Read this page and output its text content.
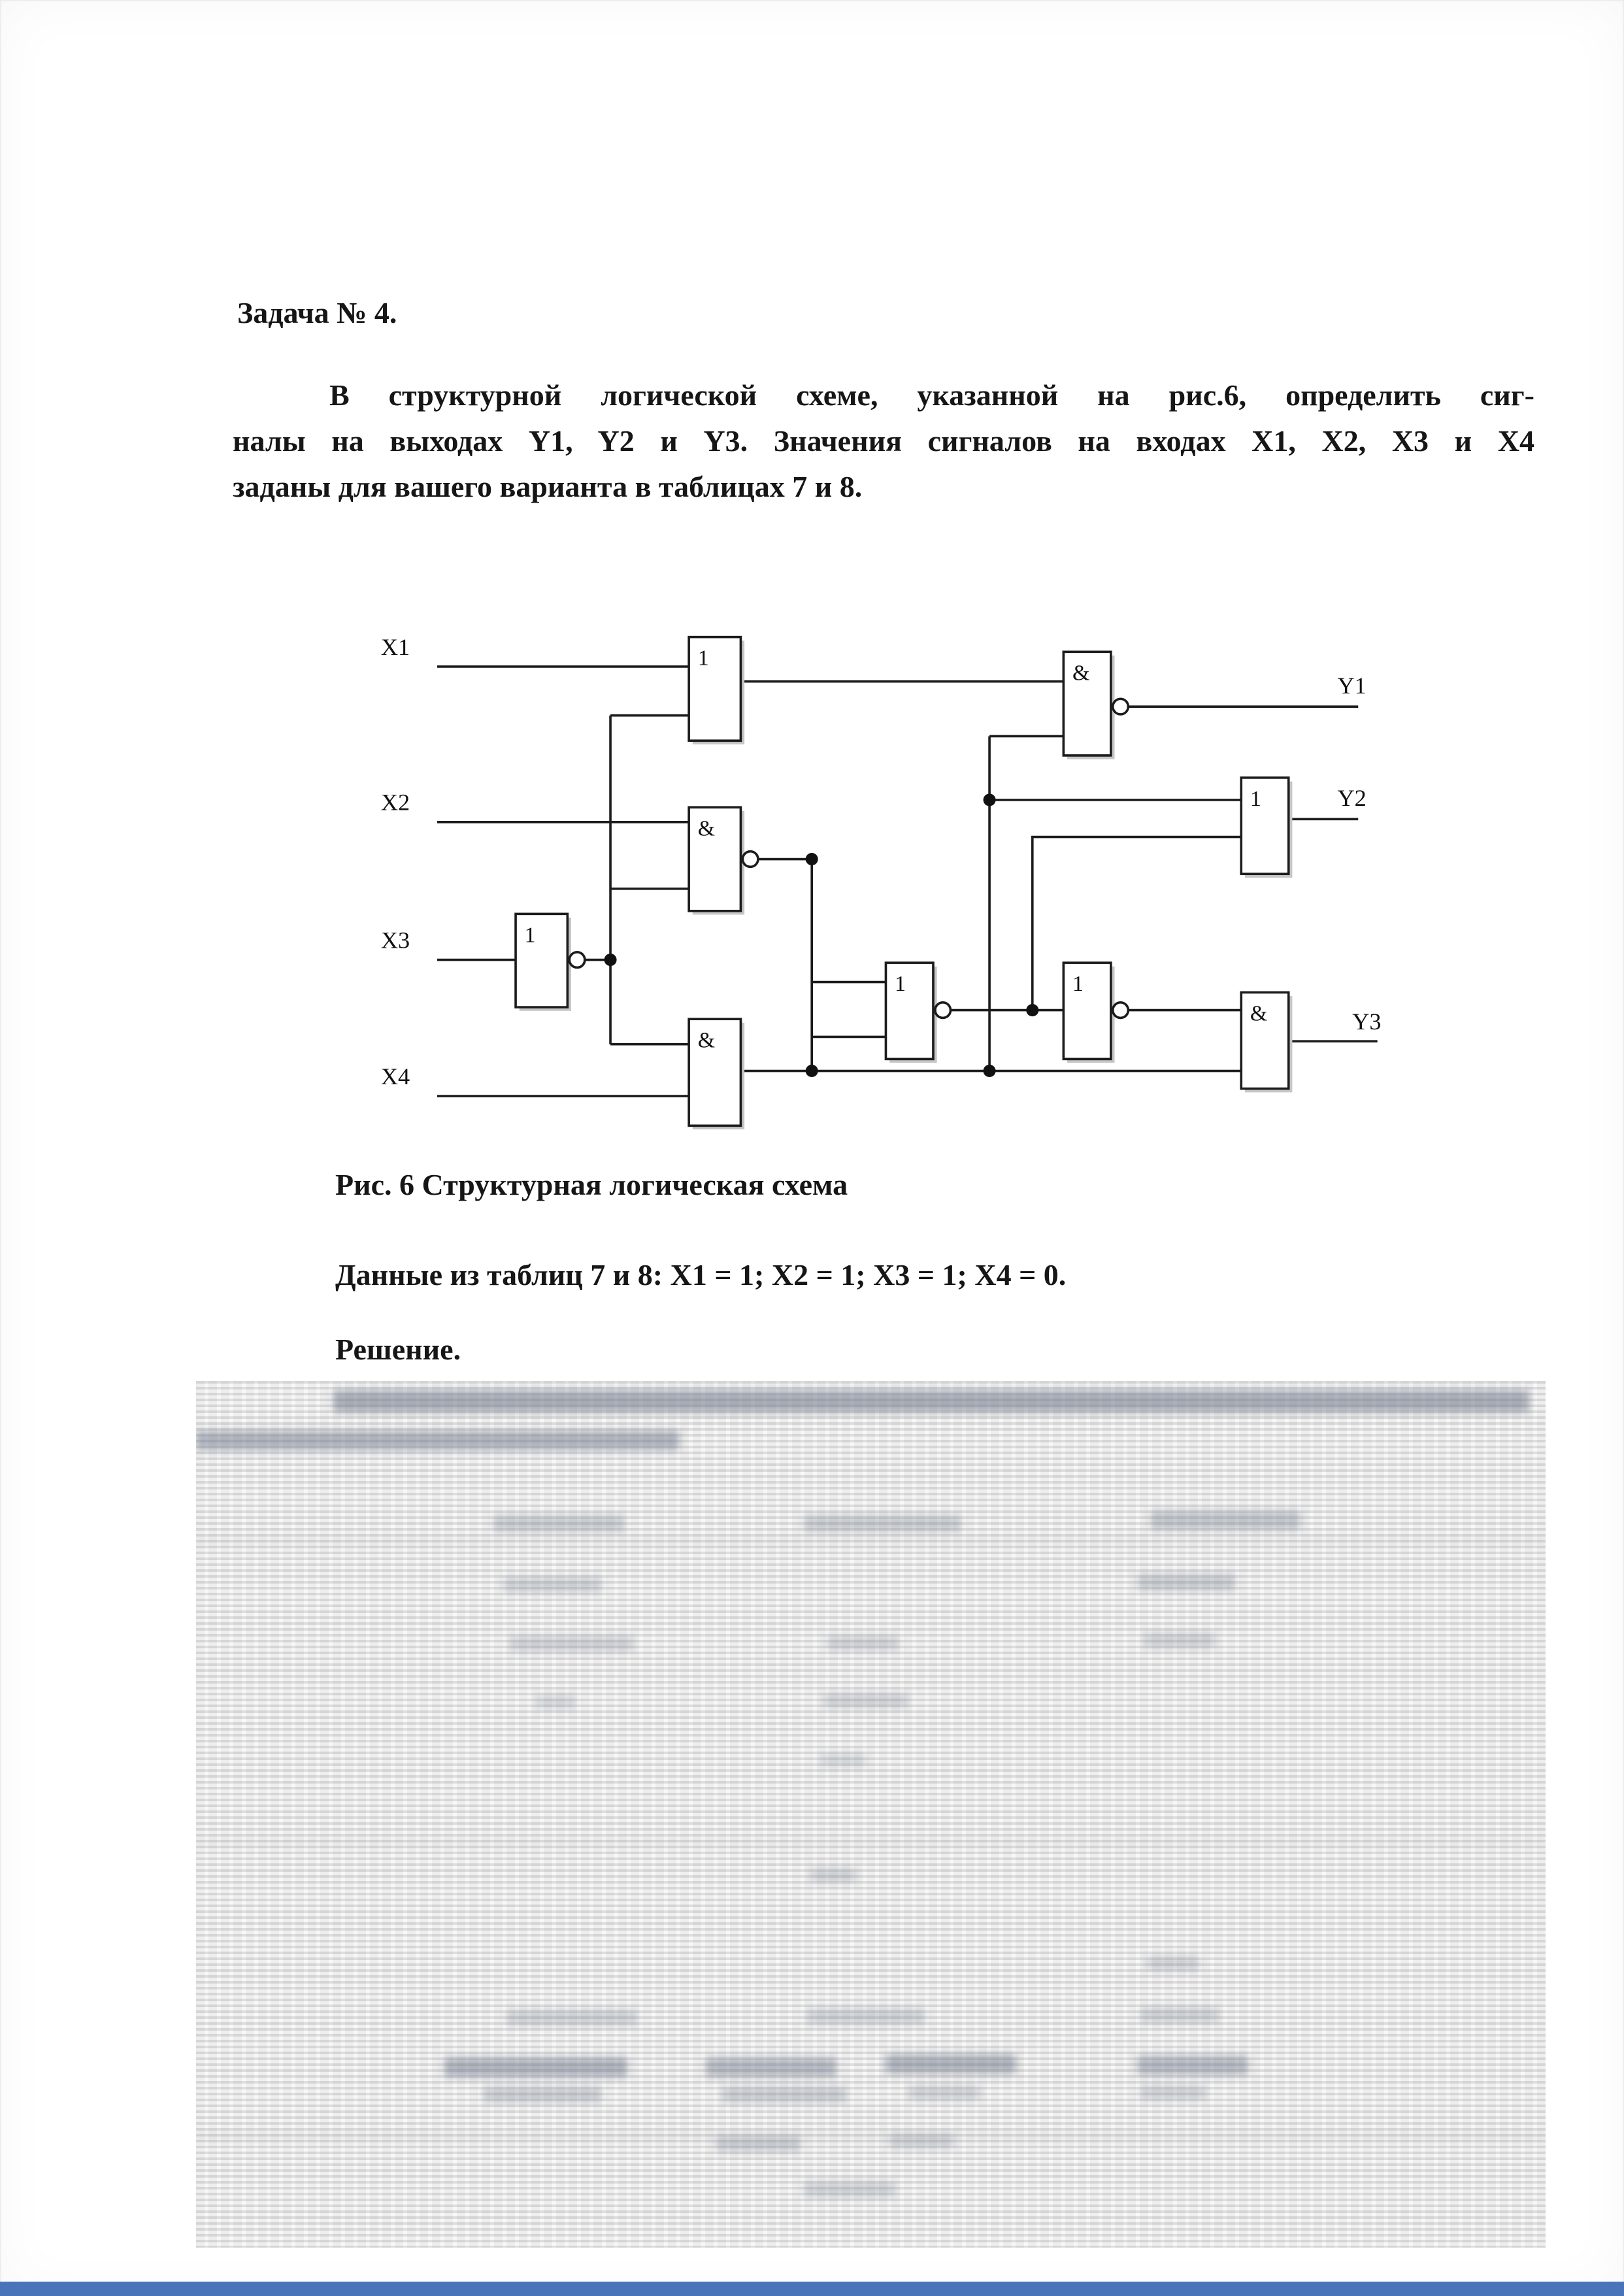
Задача № 4.
В структурной логической схеме, указанной на рис.6, определить сиг-
налы на выходах Y1, Y2 и Y3. Значения сигналов на входах X1, X2, X3 и X4
заданы для вашего варианта в таблицах 7 и 8.
1
&
1
&
&
1
1
1
&
X1
X2
X3
X4
Y1
Y2
Y3
Рис. 6 Структурная логическая схема
Данные из таблиц 7 и 8: X1 = 1; X2 = 1; X3 = 1; X4 = 0.
Решение.
